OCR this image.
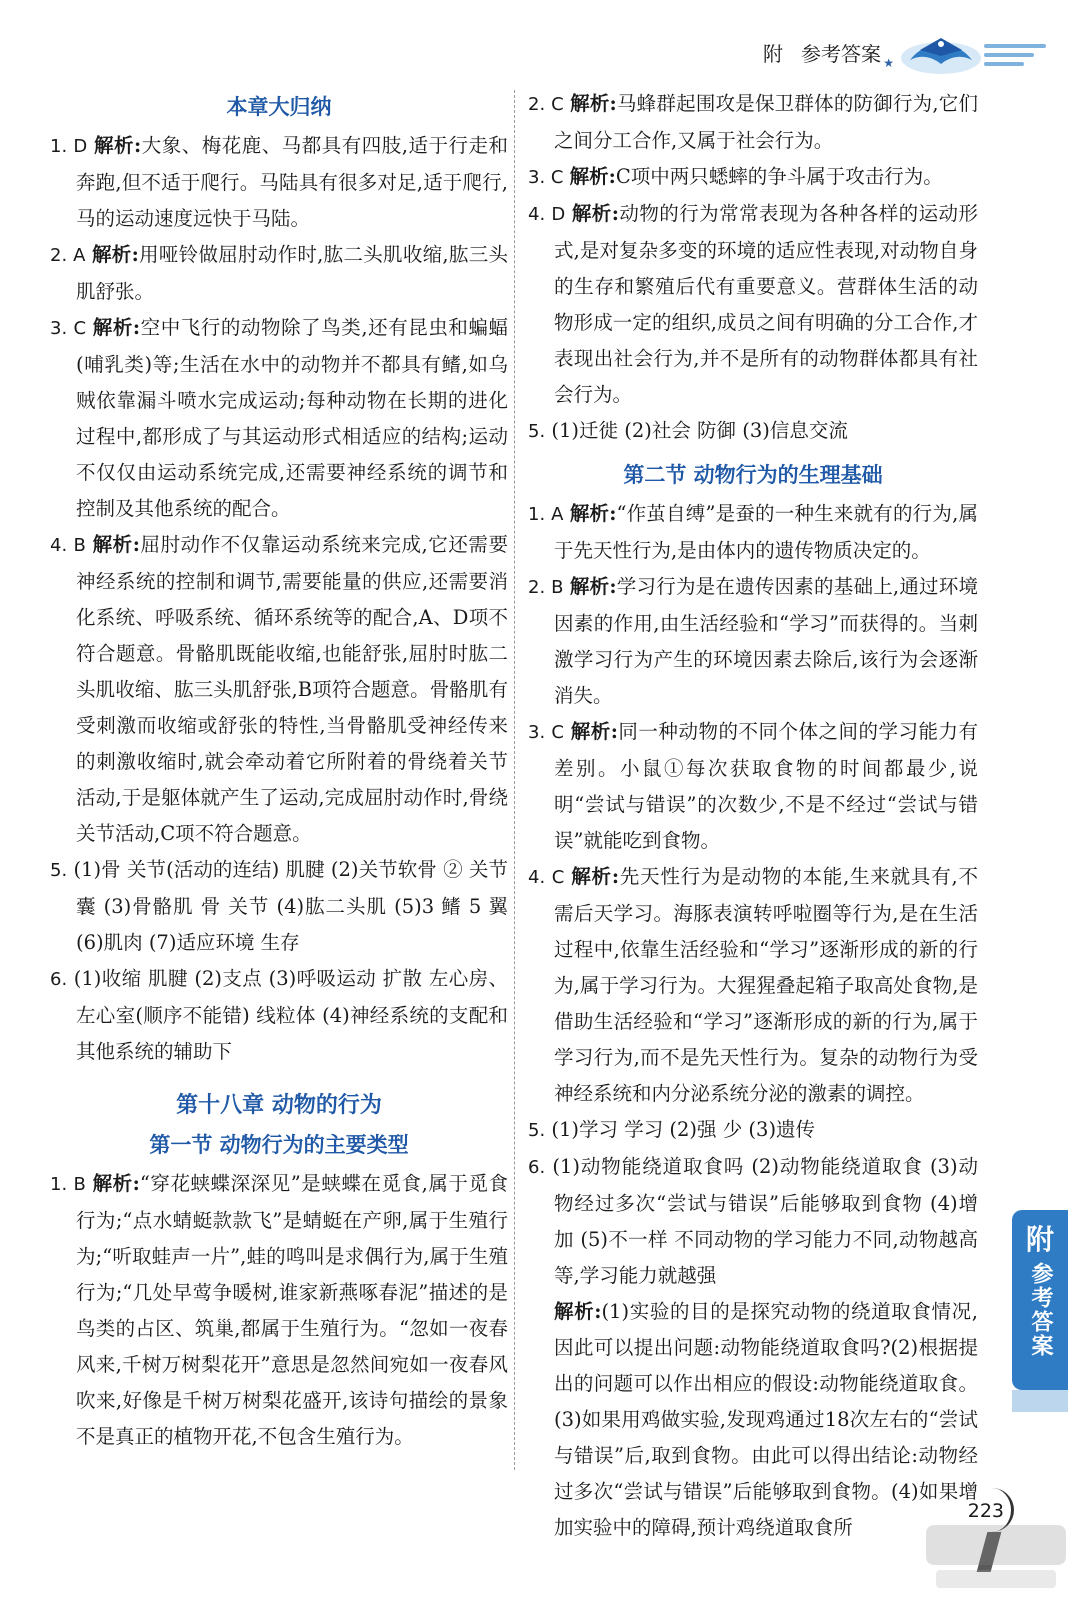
附 参考答案 ★
本章大归纳

1. D 解析:大象、梅花鹿、马都具有四肢,适于行走和奔跑,但不适于爬行。马陆具有很多对足,适于爬行,马的运动速度远快于马陆。

2. A 解析:用哑铃做屈肘动作时,肱二头肌收缩,肱三头肌舒张。

3. C 解析:空中飞行的动物除了鸟类,还有昆虫和蝙蝠(哺乳类)等;生活在水中的动物并不都具有鳍,如乌贼依靠漏斗喷水完成运动;每种动物在长期的进化过程中,都形成了与其运动形式相适应的结构;运动不仅仅由运动系统完成,还需要神经系统的调节和控制及其他系统的配合。

4. B 解析:屈肘动作不仅靠运动系统来完成,它还需要神经系统的控制和调节,需要能量的供应,还需要消化系统、呼吸系统、循环系统等的配合,A、D项不符合题意。骨骼肌既能收缩,也能舒张,屈肘时肱二头肌收缩、肱三头肌舒张,B项符合题意。骨骼肌有受刺激而收缩或舒张的特性,当骨骼肌受神经传来的刺激收缩时,就会牵动着它所附着的骨绕着关节活动,于是躯体就产生了运动,完成屈肘动作时,骨绕关节活动,C项不符合题意。

5. (1)骨 关节(活动的连结) 肌腱 (2)关节软骨 ② 关节囊 (3)骨骼肌 骨 关节 (4)肱二头肌 (5)3 鳍 5 翼 (6)肌肉 (7)适应环境 生存

6. (1)收缩 肌腱 (2)支点 (3)呼吸运动 扩散 左心房、左心室(顺序不能错) 线粒体 (4)神经系统的支配和其他系统的辅助下

第十八章 动物的行为
第一节 动物行为的主要类型

1. B 解析:“穿花蛱蝶深深见”是蛱蝶在觅食,属于觅食行为;“点水蜻蜓款款飞”是蜻蜓在产卵,属于生殖行为;“听取蛙声一片”,蛙的鸣叫是求偶行为,属于生殖行为;“几处早莺争暖树,谁家新燕啄春泥”描述的是鸟类的占区、筑巢,都属于生殖行为。“忽如一夜春风来,千树万树梨花开”意思是忽然间宛如一夜春风吹来,好像是千树万树梨花盛开,该诗句描绘的景象不是真正的植物开花,不包含生殖行为。

2. C 解析:马蜂群起围攻是保卫群体的防御行为,它们之间分工合作,又属于社会行为。

3. C 解析:C项中两只蟋蟀的争斗属于攻击行为。

4. D 解析:动物的行为常常表现为各种各样的运动形式,是对复杂多变的环境的适应性表现,对动物自身的生存和繁殖后代有重要意义。营群体生活的动物形成一定的组织,成员之间有明确的分工合作,才表现出社会行为,并不是所有的动物群体都具有社会行为。

5. (1)迁徙 (2)社会 防御 (3)信息交流

第二节 动物行为的生理基础

1. A 解析:“作茧自缚”是蚕的一种生来就有的行为,属于先天性行为,是由体内的遗传物质决定的。

2. B 解析:学习行为是在遗传因素的基础上,通过环境因素的作用,由生活经验和“学习”而获得的。当刺激学习行为产生的环境因素去除后,该行为会逐渐消失。

3. C 解析:同一种动物的不同个体之间的学习能力有差别。小鼠①每次获取食物的时间都最少,说明“尝试与错误”的次数少,不是不经过“尝试与错误”就能吃到食物。

4. C 解析:先天性行为是动物的本能,生来就具有,不需后天学习。海豚表演转呼啦圈等行为,是在生活过程中,依靠生活经验和“学习”逐渐形成的新的行为,属于学习行为。大猩猩叠起箱子取高处食物,是借助生活经验和“学习”逐渐形成的新的行为,属于学习行为,而不是先天性行为。复杂的动物行为受神经系统和内分泌系统分泌的激素的调控。

5. (1)学习 学习 (2)强 少 (3)遗传

6. (1)动物能绕道取食吗 (2)动物能绕道取食 (3)动物经过多次“尝试与错误”后能够取到食物 (4)增加 (5)不一样 不同动物的学习能力不同,动物越高等,学习能力就越强

解析:(1)实验的目的是探究动物的绕道取食情况,因此可以提出问题:动物能绕道取食吗?(2)根据提出的问题可以作出相应的假设:动物能绕道取食。(3)如果用鸡做实验,发现鸡通过18次左右的“尝试与错误”后,取到食物。由此可以得出结论:动物经过多次“尝试与错误”后能够取到食物。(4)如果增加实验中的障碍,预计鸡绕道取食所

附
参考答案
223
